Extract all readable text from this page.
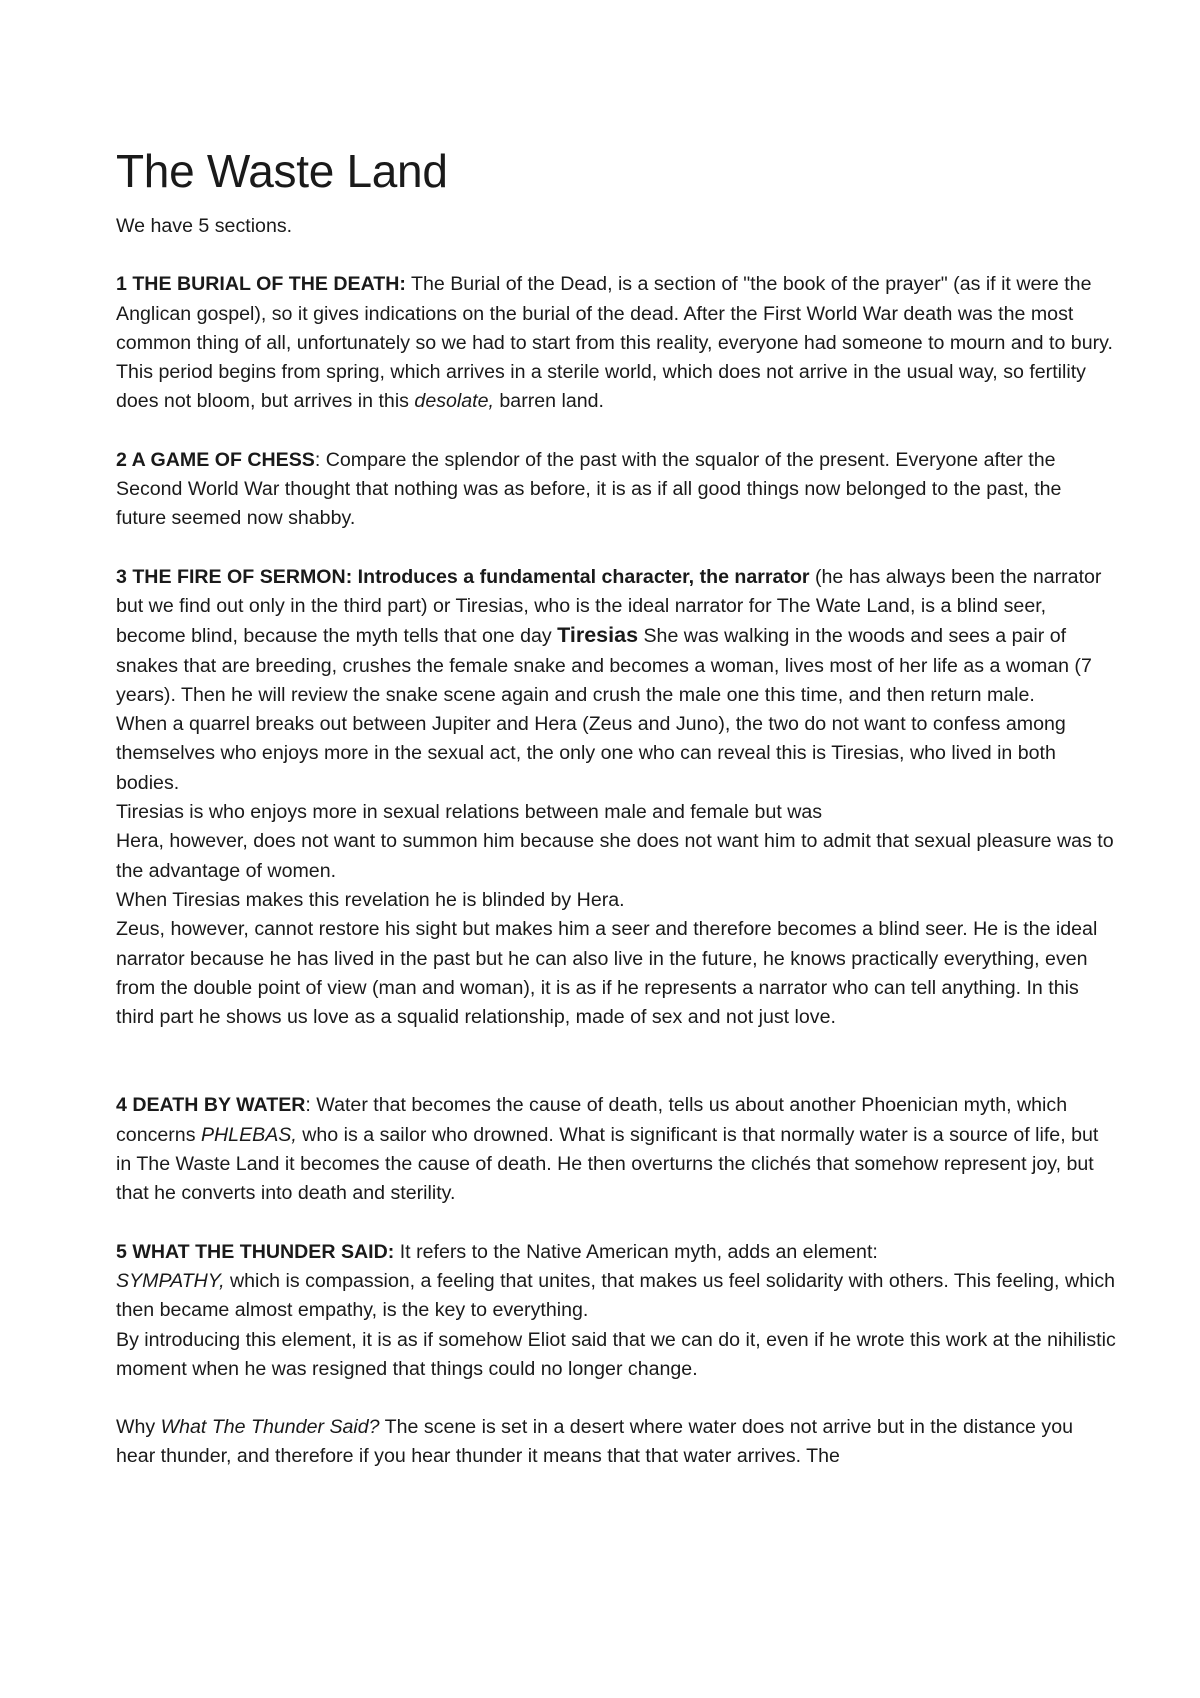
The Waste Land

We have 5 sections.

1 THE BURIAL OF THE DEATH: The Burial of the Dead, is a section of "the book of the prayer" (as if it were the Anglican gospel), so it gives indications on the burial of the dead. After the First World War death was the most common thing of all, unfortunately so we had to start from this reality, everyone had someone to mourn and to bury. This period begins from spring, which arrives in a sterile world, which does not arrive in the usual way, so fertility does not bloom, but arrives in this desolate, barren land.

2 A GAME OF CHESS: Compare the splendor of the past with the squalor of the present. Everyone after the Second World War thought that nothing was as before, it is as if all good things now belonged to the past, the future seemed now shabby.

3 THE FIRE OF SERMON: Introduces a fundamental character, the narrator (he has always been the narrator but we find out only in the third part) or Tiresias, who is the ideal narrator for The Wate Land, is a blind seer, become blind, because the myth tells that one day Tiresias She was walking in the woods and sees a pair of snakes that are breeding, crushes the female snake and becomes a woman, lives most of her life as a woman (7 years). Then he will review the snake scene again and crush the male one this time, and then return male.

When a quarrel breaks out between Jupiter and Hera (Zeus and Juno), the two do not want to confess among themselves who enjoys more in the sexual act, the only one who can reveal this is Tiresias, who lived in both bodies.

Tiresias is who enjoys more in sexual relations between male and female but was

Hera, however, does not want to summon him because she does not want him to admit that sexual pleasure was to the advantage of women.

When Tiresias makes this revelation he is blinded by Hera.

Zeus, however, cannot restore his sight but makes him a seer and therefore becomes a blind seer. He is the ideal narrator because he has lived in the past but he can also live in the future, he knows practically everything, even from the double point of view (man and woman), it is as if he represents a narrator who can tell anything. In this third part he shows us love as a squalid relationship, made of sex and not just love.

4 DEATH BY WATER: Water that becomes the cause of death, tells us about another Phoenician myth, which concerns PHLEBAS, who is a sailor who drowned. What is significant is that normally water is a source of life, but in The Waste Land it becomes the cause of death. He then overturns the clichés that somehow represent joy, but that he converts into death and sterility.

5 WHAT THE THUNDER SAID: It refers to the Native American myth, adds an element:
SYMPATHY, which is compassion, a feeling that unites, that makes us feel solidarity with others. This feeling, which then became almost empathy, is the key to everything.

By introducing this element, it is as if somehow Eliot said that we can do it, even if he wrote this work at the nihilistic moment when he was resigned that things could no longer change.

Why What The Thunder Said? The scene is set in a desert where water does not arrive but in the distance you hear thunder, and therefore if you hear thunder it means that that water arrives. The
